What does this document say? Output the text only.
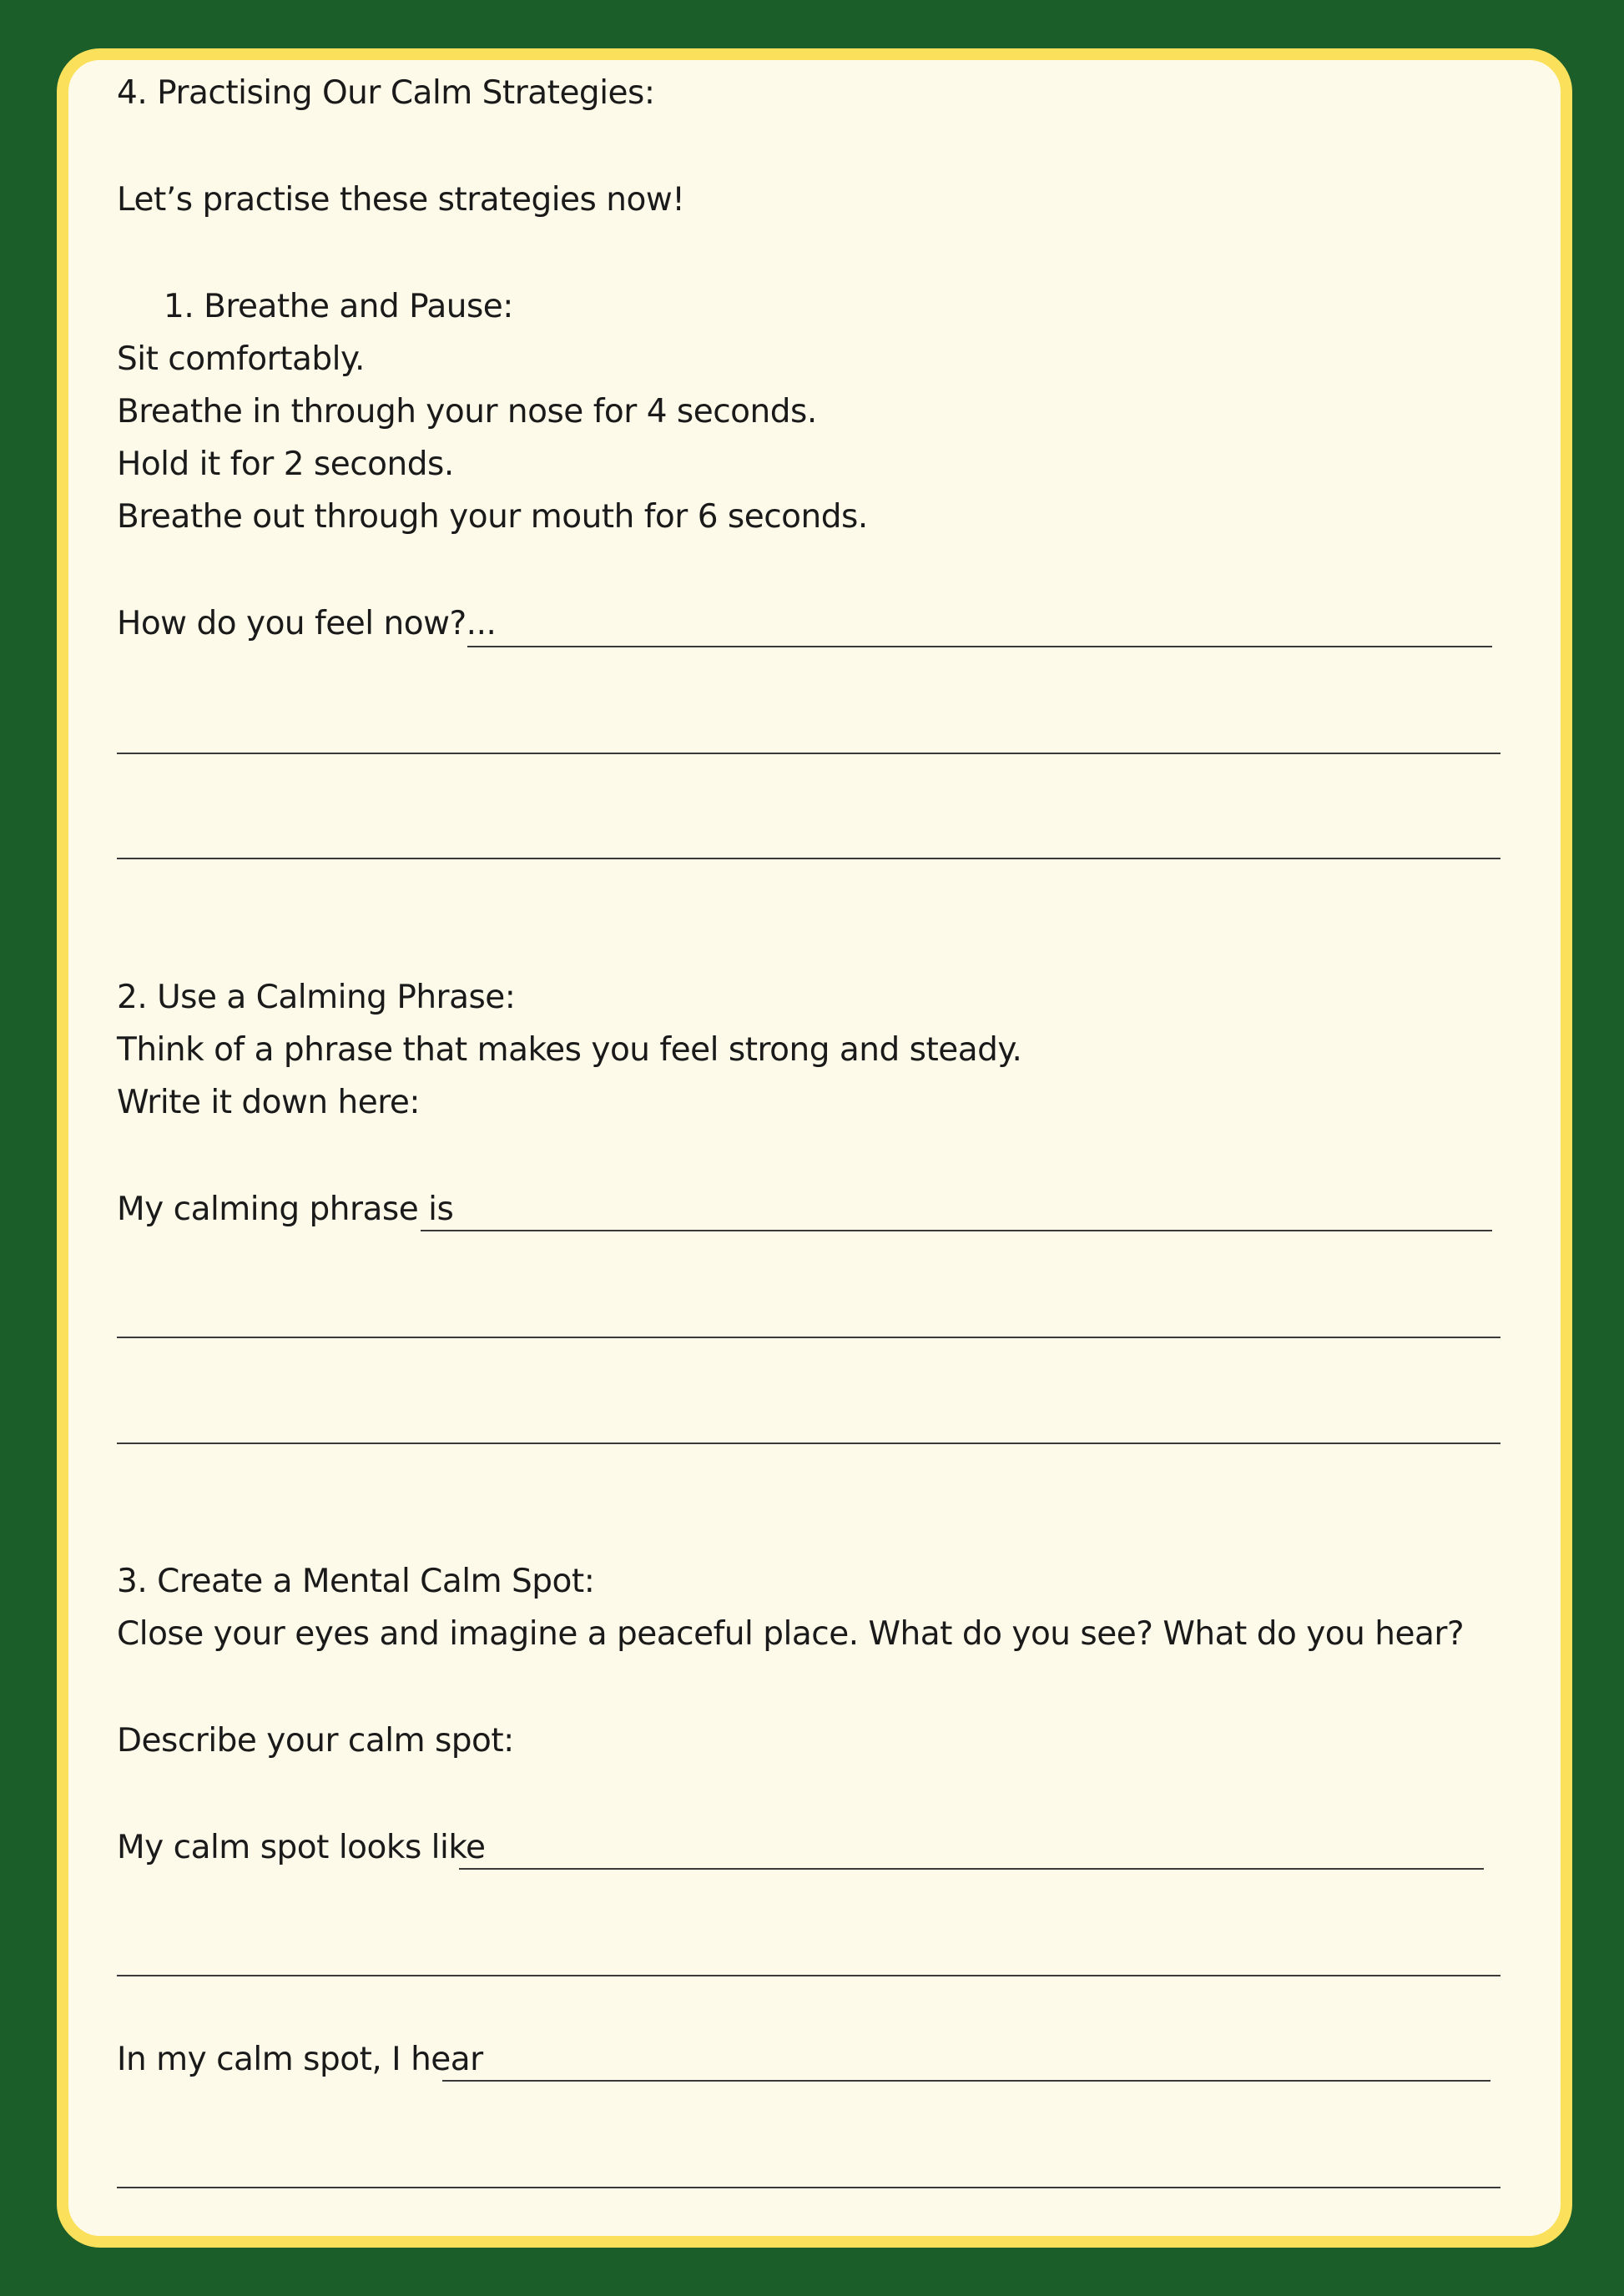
4. Practising Our Calm Strategies:

Let’s practise these strategies now!

1. Breathe and Pause:

Sit comfortably.

Breathe in through your nose for 4 seconds.

Hold it for 2 seconds.

Breathe out through your mouth for 6 seconds.

How do you feel now?...

2. Use a Calming Phrase:

Think of a phrase that makes you feel strong and steady.

Write it down here:

My calming phrase is

3. Create a Mental Calm Spot:

Close your eyes and imagine a peaceful place. What do you see? What do you hear?

Describe your calm spot:

My calm spot looks like

In my calm spot, I hear
